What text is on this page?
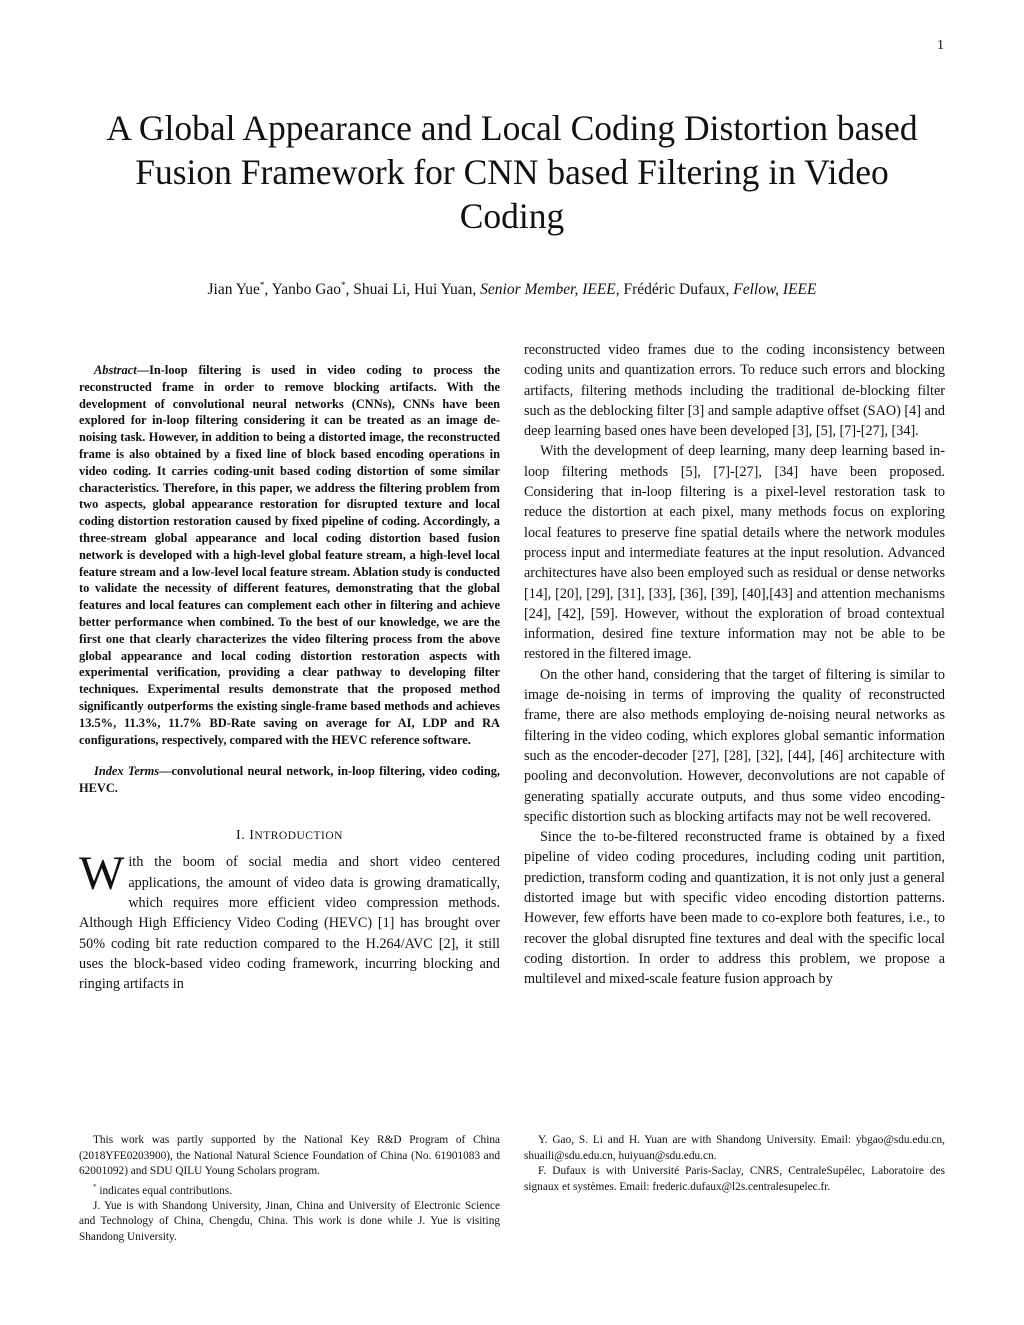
1
A Global Appearance and Local Coding Distortion based Fusion Framework for CNN based Filtering in Video Coding

Jian Yue*, Yanbo Gao*, Shuai Li, Hui Yuan, Senior Member, IEEE, Frédéric Dufaux, Fellow, IEEE

Abstract—In-loop filtering is used in video coding to process the reconstructed frame in order to remove blocking artifacts. With the development of convolutional neural networks (CNNs), CNNs have been explored for in-loop filtering considering it can be treated as an image de-noising task. However, in addition to being a distorted image, the reconstructed frame is also obtained by a fixed line of block based encoding operations in video coding. It carries coding-unit based coding distortion of some similar characteristics. Therefore, in this paper, we address the filtering problem from two aspects, global appearance restoration for disrupted texture and local coding distortion restoration caused by fixed pipeline of coding. Accordingly, a three-stream global appearance and local coding distortion based fusion network is developed with a high-level global feature stream, a high-level local feature stream and a low-level local feature stream. Ablation study is conducted to validate the necessity of different features, demonstrating that the global features and local features can complement each other in filtering and achieve better performance when combined. To the best of our knowledge, we are the first one that clearly characterizes the video filtering process from the above global appearance and local coding distortion restoration aspects with experimental verification, providing a clear pathway to developing filter techniques. Experimental results demonstrate that the proposed method significantly outperforms the existing single-frame based methods and achieves 13.5%, 11.3%, 11.7% BD-Rate saving on average for AI, LDP and RA configurations, respectively, compared with the HEVC reference software.

Index Terms—convolutional neural network, in-loop filtering, video coding, HEVC.

I. INTRODUCTION

With the boom of social media and short video centered applications, the amount of video data is growing dramatically, which requires more efficient video compression methods. Although High Efficiency Video Coding (HEVC) [1] has brought over 50% coding bit rate reduction compared to the H.264/AVC [2], it still uses the block-based video coding framework, incurring blocking and ringing artifacts in

reconstructed video frames due to the coding inconsistency between coding units and quantization errors. To reduce such errors and blocking artifacts, filtering methods including the traditional de-blocking filter such as the deblocking filter [3] and sample adaptive offset (SAO) [4] and deep learning based ones have been developed [3], [5], [7]-[27], [34].

With the development of deep learning, many deep learning based in-loop filtering methods [5], [7]-[27], [34] have been proposed. Considering that in-loop filtering is a pixel-level restoration task to reduce the distortion at each pixel, many methods focus on exploring local features to preserve fine spatial details where the network modules process input and intermediate features at the input resolution. Advanced architectures have also been employed such as residual or dense networks [14], [20], [29], [31], [33], [36], [39], [40],[43] and attention mechanisms [24], [42], [59]. However, without the exploration of broad contextual information, desired fine texture information may not be able to be restored in the filtered image.

On the other hand, considering that the target of filtering is similar to image de-noising in terms of improving the quality of reconstructed frame, there are also methods employing de-noising neural networks as filtering in the video coding, which explores global semantic information such as the encoder-decoder [27], [28], [32], [44], [46] architecture with pooling and deconvolution. However, deconvolutions are not capable of generating spatially accurate outputs, and thus some video encoding-specific distortion such as blocking artifacts may not be well recovered.

Since the to-be-filtered reconstructed frame is obtained by a fixed pipeline of video coding procedures, including coding unit partition, prediction, transform coding and quantization, it is not only just a general distorted image but with specific video encoding distortion patterns. However, few efforts have been made to co-explore both features, i.e., to recover the global disrupted fine textures and deal with the specific local coding distortion. In order to address this problem, we propose a multilevel and mixed-scale feature fusion approach by

This work was partly supported by the National Key R&D Program of China (2018YFE0203900), the National Natural Science Foundation of China (No. 61901083 and 62001092) and SDU QILU Young Scholars program.

* indicates equal contributions.

J. Yue is with Shandong University, Jinan, China and University of Electronic Science and Technology of China, Chengdu, China. This work is done while J. Yue is visiting Shandong University.

Y. Gao, S. Li and H. Yuan are with Shandong University. Email: ybgao@sdu.edu.cn, shuaili@sdu.edu.cn, huiyuan@sdu.edu.cn.

F. Dufaux is with Université Paris-Saclay, CNRS, CentraleSupélec, Laboratoire des signaux et systèmes. Email: frederic.dufaux@l2s.centralesupelec.fr.
